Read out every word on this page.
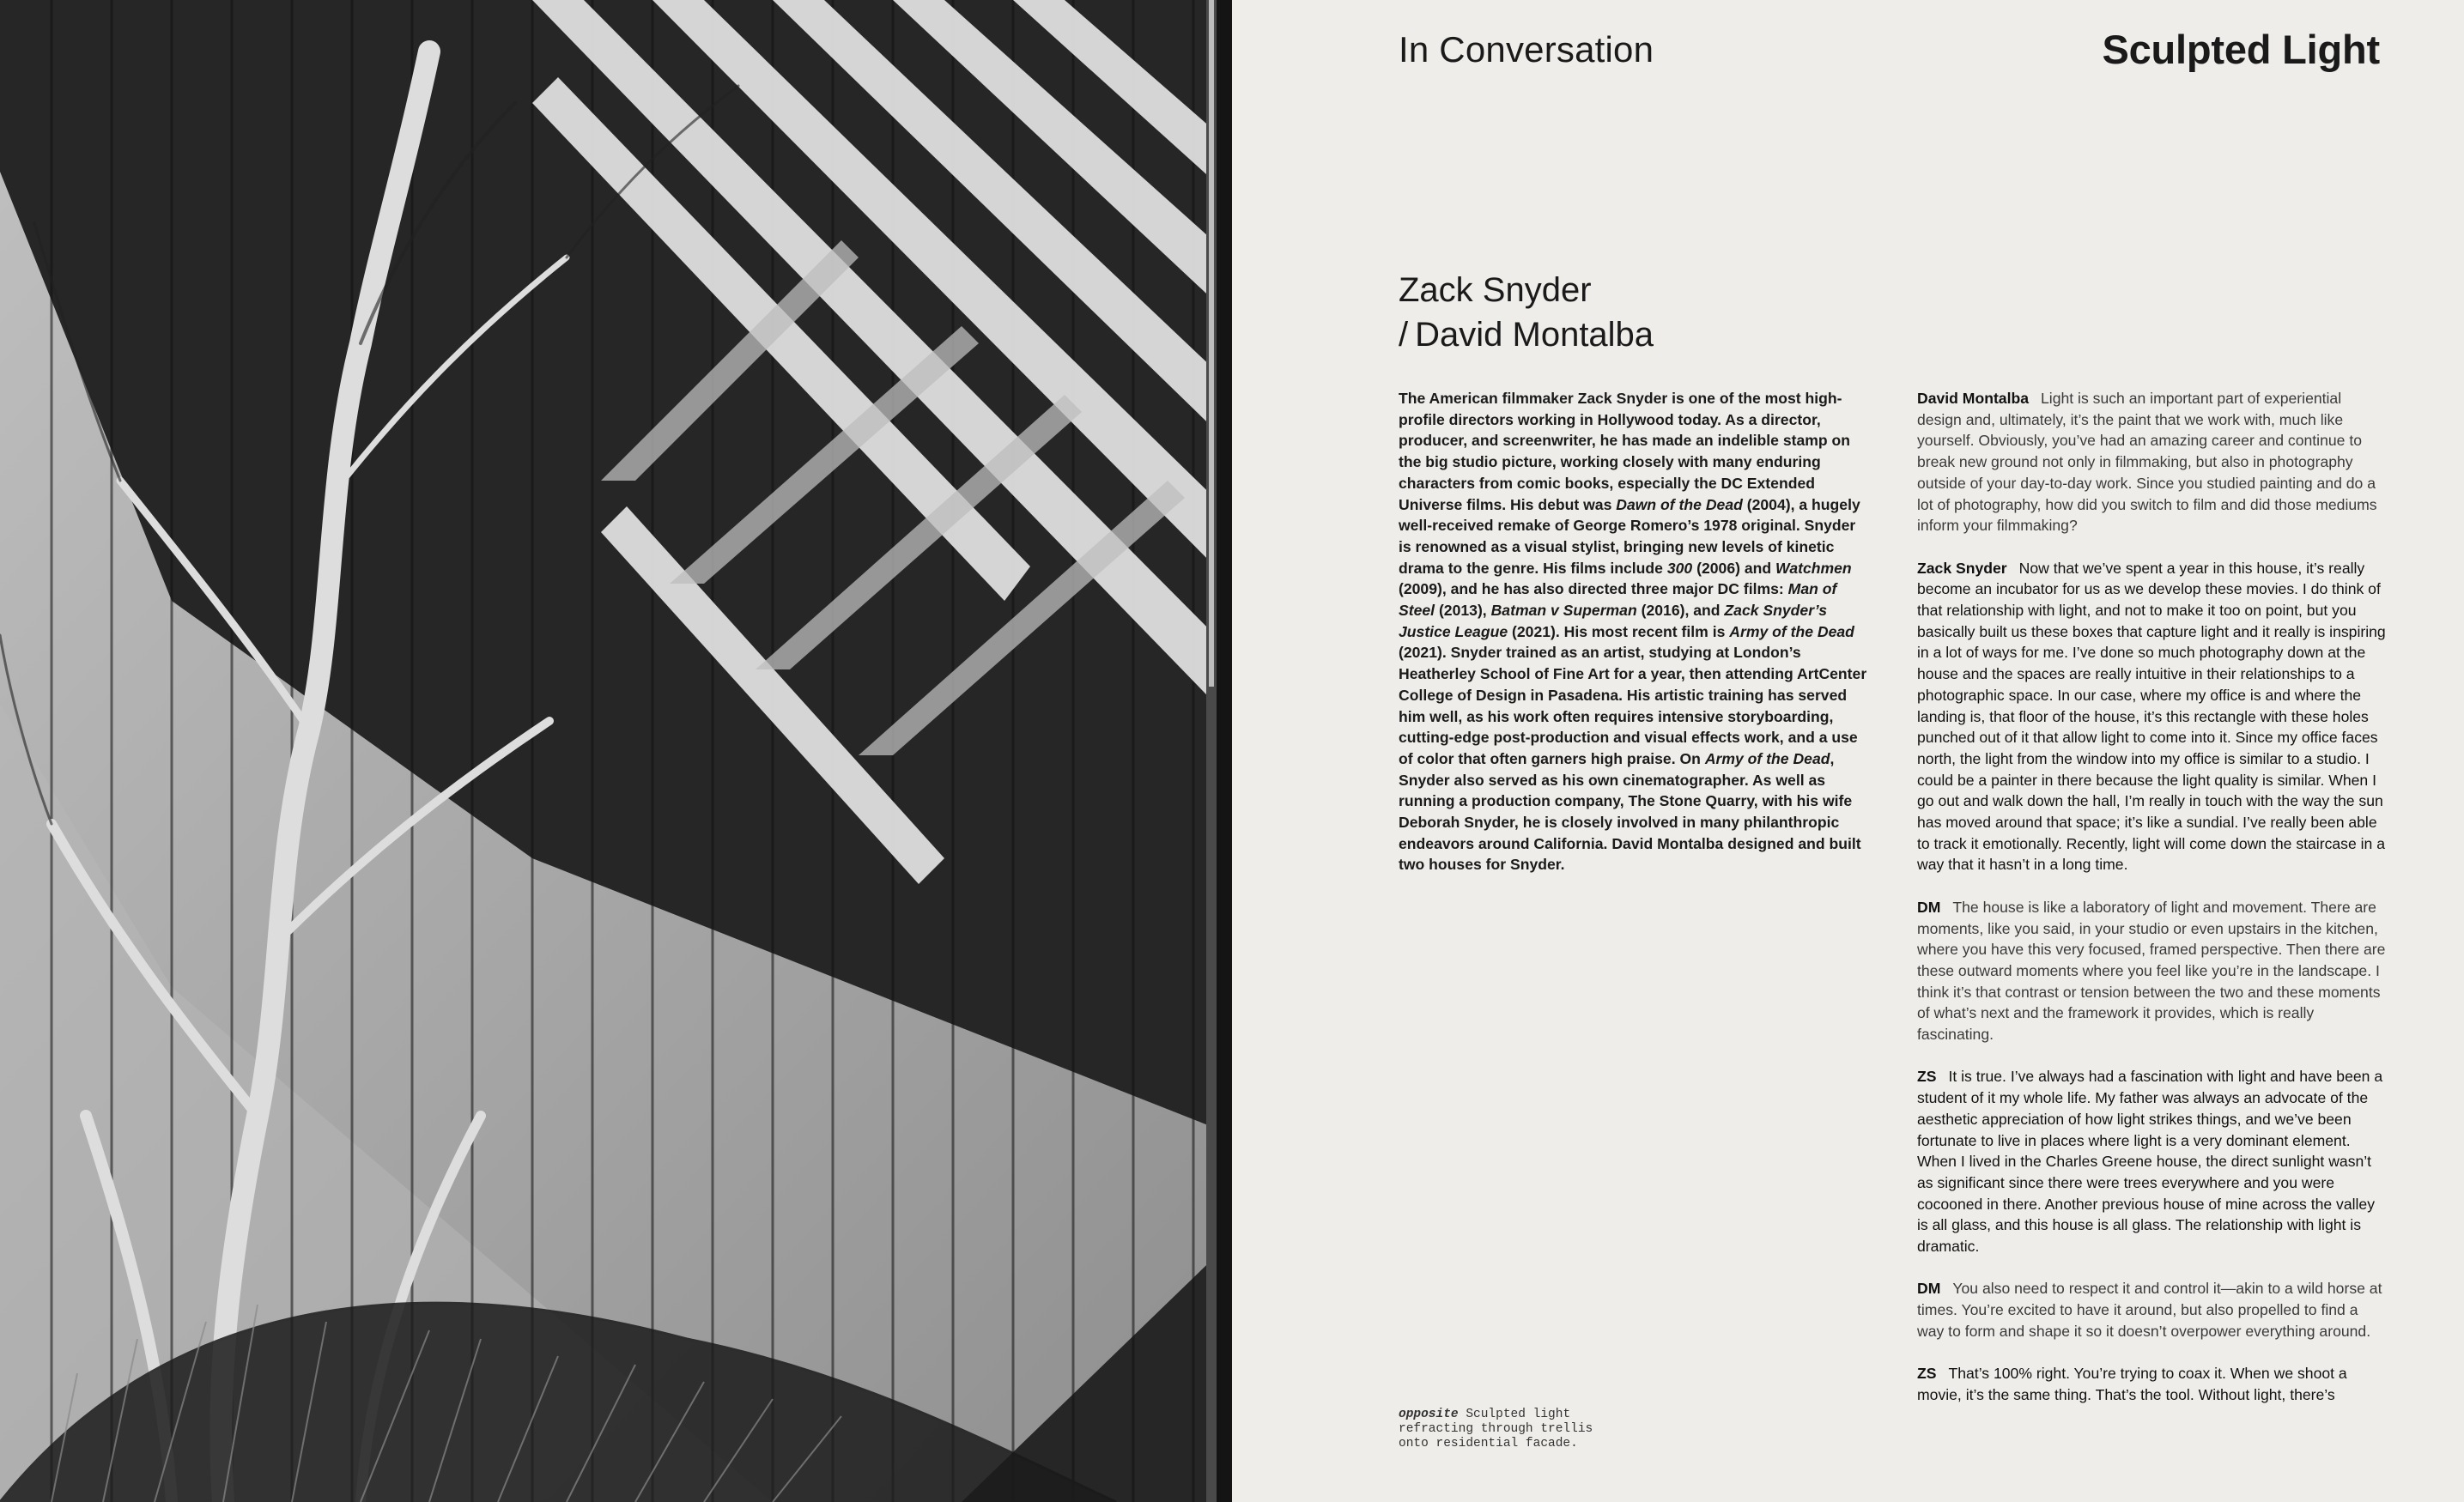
In Conversation	Sculpted Light
Zack Snyder
/ David Montalba
The American filmmaker Zack Snyder is one of the most high-profile directors working in Hollywood today. As a director, producer, and screenwriter, he has made an indelible stamp on the big studio picture, working closely with many enduring characters from comic books, especially the DC Extended Universe films. His debut was Dawn of the Dead (2004), a hugely well-received remake of George Romero’s 1978 original. Snyder is renowned as a visual stylist, bringing new levels of kinetic drama to the genre. His films include 300 (2006) and Watchmen (2009), and he has also directed three major DC films: Man of Steel (2013), Batman v Superman (2016), and Zack Snyder’s Justice League (2021). His most recent film is Army of the Dead (2021). Snyder trained as an artist, studying at London’s Heatherley School of Fine Art for a year, then attending ArtCenter College of Design in Pasadena. His artistic training has served him well, as his work often requires intensive storyboarding, cutting-edge post-production and visual effects work, and a use of color that often garners high praise. On Army of the Dead, Snyder also served as his own cinematographer. As well as running a production company, The Stone Quarry, with his wife Deborah Snyder, he is closely involved in many philanthropic endeavors around California. David Montalba designed and built two houses for Snyder.

David Montalba Light is such an important part of experiential design and, ultimately, it’s the paint that we work with, much like yourself. Obviously, you’ve had an amazing career and continue to break new ground not only in filmmaking, but also in photography outside of your day-to-day work. Since you studied painting and do a lot of photography, how did you switch to film and did those mediums inform your filmmaking?

Zack Snyder Now that we’ve spent a year in this house, it’s really become an incubator for us as we develop these movies. I do think of that relationship with light, and not to make it too on point, but you basically built us these boxes that capture light and it really is inspiring in a lot of ways for me. I’ve done so much photography down at the house and the spaces are really intuitive in their relationships to a photographic space. In our case, where my office is and where the landing is, that floor of the house, it’s this rectangle with these holes punched out of it that allow light to come into it. Since my office faces north, the light from the window into my office is similar to a studio. I could be a painter in there because the light quality is similar. When I go out and walk down the hall, I’m really in touch with the way the sun has moved around that space; it’s like a sundial. I’ve really been able to track it emotionally. Recently, light will come down the staircase in a way that it hasn’t in a long time.

DM The house is like a laboratory of light and movement. There are moments, like you said, in your studio or even upstairs in the kitchen, where you have this very focused, framed perspective. Then there are these outward moments where you feel like you’re in the landscape. I think it’s that contrast or tension between the two and these moments of what’s next and the framework it provides, which is really fascinating.

ZS It is true. I’ve always had a fascination with light and have been a student of it my whole life. My father was always an advocate of the aesthetic appreciation of how light strikes things, and we’ve been fortunate to live in places where light is a very dominant element. When I lived in the Charles Greene house, the direct sunlight wasn’t as significant since there were trees everywhere and you were cocooned in there. Another previous house of mine across the valley is all glass, and this house is all glass. The relationship with light is dramatic.

DM You also need to respect it and control it—akin to a wild horse at times. You’re excited to have it around, but also propelled to find a way to form and shape it so it doesn’t overpower everything around.

ZS That’s 100% right. You’re trying to coax it. When we shoot a movie, it’s the same thing. That’s the tool. Without light, there’s

opposite Sculpted light
refracting through trellis
onto residential facade.
